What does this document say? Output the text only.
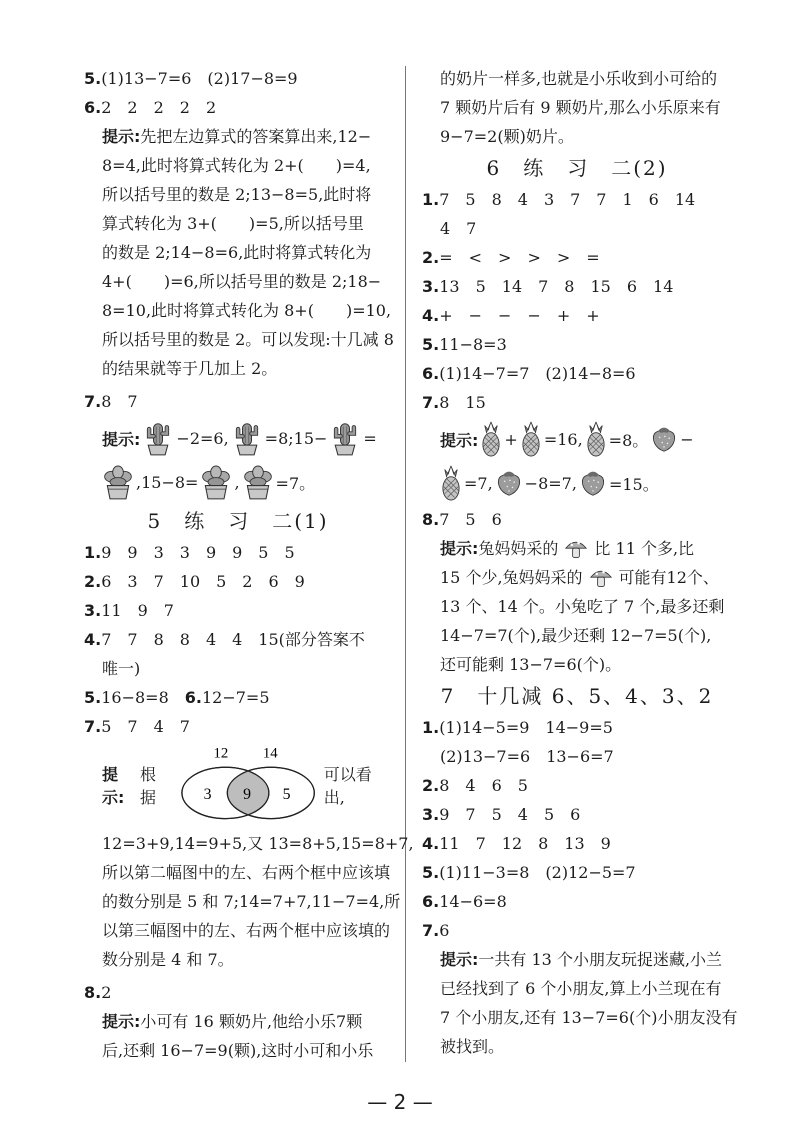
5.(1)13−7=6　(2)17−8=9
6.2　2　2　2　2
提示:先把左边算式的答案算出来,12−
8=4,此时将算式转化为 2+(　　)=4,
所以括号里的数是 2;13−8=5,此时将
算式转化为 3+(　　)=5,所以括号里
的数是 2;14−8=6,此时将算式转化为
4+(　　)=6,所以括号里的数是 2;18−
8=10,此时将算式转化为 8+(　　)=10,
所以括号里的数是 2。可以发现:十几减 8
的结果就等于几加上 2。
7.8　7
提示: −2=6, =8;15− =
,15−8= , =7。
5　练　习　二(1)
1.9　9　3　3　9　9　5　5
2.6　3　7　10　5　2　6　9
3.11　9　7
4.7　7　8　8　4　4　15(部分答案不
唯一)
5.16−8=8　 6.12−7=5
7.5　7　4　7
提示:
根据
12 14
3 9 5
可以看出,
12=3+9,14=9+5,又 13=8+5,15=8+7,
所以第二幅图中的左、右两个框中应该填
的数分别是 5 和 7;14=7+7,11−7=4,所
以第三幅图中的左、右两个框中应该填的
数分别是 4 和 7。
8.2
提示:小可有 16 颗奶片,他给小乐7颗
后,还剩 16−7=9(颗),这时小可和小乐
的奶片一样多,也就是小乐收到小可给的
7 颗奶片后有 9 颗奶片,那么小乐原来有
9−7=2(颗)奶片。
6　练　习　二(2)
1.7　5　8　4　3　7　7　1　6　14
4　7
2.=　<　>　>　>　=
3.13　5　14　7　8　15　6　14
4.+　−　−　−　+　+
5.11−8=3
6.(1)14−7=7　(2)14−8=6
7.8　15
提示: + =16, =8。 −
=7, −8=7, =15。
8.7　5　6
提示: 兔妈妈采的 比 11 个多,比
15 个少,兔妈妈采的 可能有12个、
13 个、14 个。小兔吃了 7 个,最多还剩
14−7=7(个),最少还剩 12−7=5(个),
还可能剩 13−7=6(个)。
7　十几减 6、5、4、3、2
1.(1)14−5=9　14−9=5
(2)13−7=6　13−6=7
2.8　4　6　5
3.9　7　5　4　5　6
4.11　7　12　8　13　9
5.(1)11−3=8　(2)12−5=7
6.14−6=8
7.6
提示:一共有 13 个小朋友玩捉迷藏,小兰
已经找到了 6 个小朋友,算上小兰现在有
7 个小朋友,还有 13−7=6(个)小朋友没有
被找到。
— 2 —
